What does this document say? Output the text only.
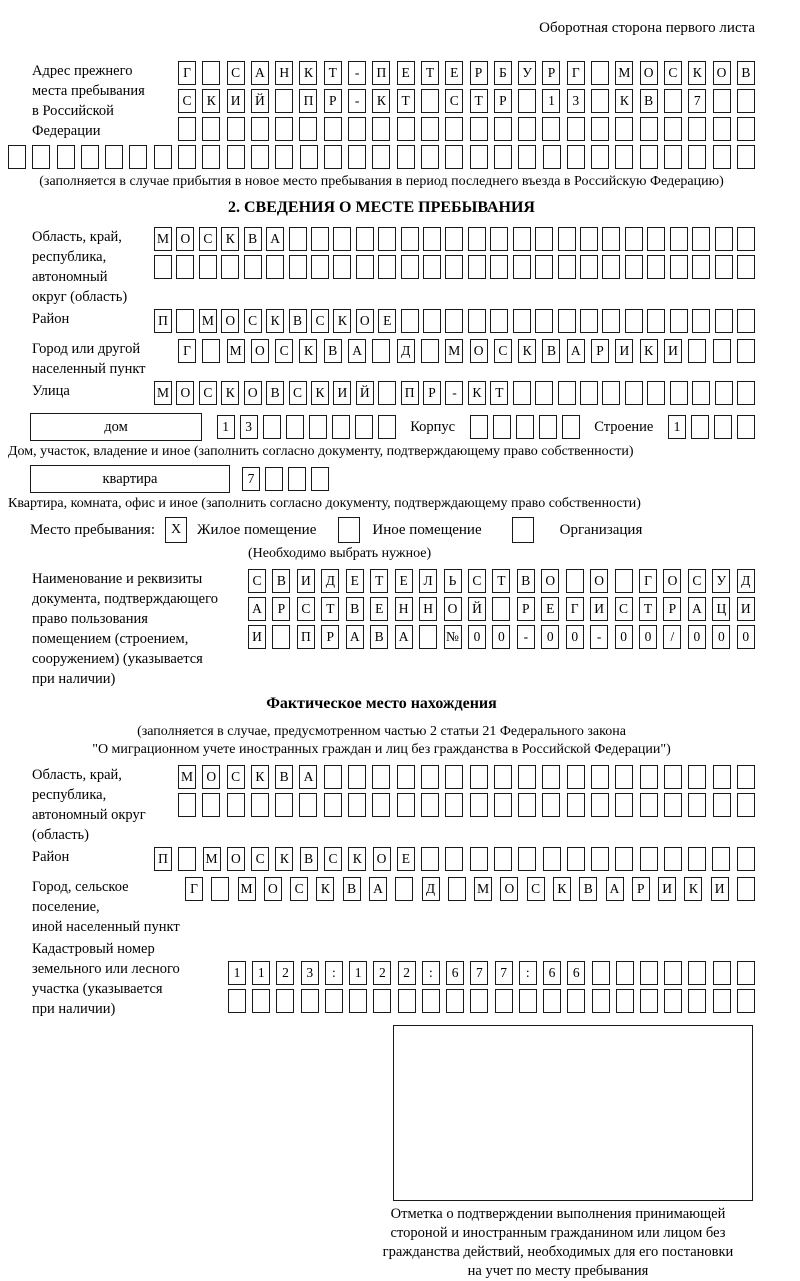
Оборотная сторона первого листа
Адрес прежнего
места пребывания
в Российской
Федерации
Г	С	А	Н	К	Т	-	П	Е	Т	Е	Р	Б	У	Р	Г	М О	С	К	О	В
С	К	И	Й	П	Р	-	К	Т	С	Т	Р	1	3	К	В	7
(заполняется в случае прибытия в новое место пребывания в период последнего въезда в Российскую Федерацию)
2. СВЕДЕНИЯ О МЕСТЕ ПРЕБЫВАНИЯ
Область, край,
республика,
автономный
округ (область)
М О С К В А
Район	П	М О С К В С К О Е
Город или другой
населенный пункт
Г	М О	С	К	В	А	Д	М О	С	К	В	А	Р	И	К	И
Улица	М О С К О В С К И Й	П	Р	-	К	Т
дом	1	3	Корпус	Строение	1
Дом, участок, владение и иное (заполнить согласно документу, подтверждающему право собственности)
квартира	7
Квартира, комната, офис и иное (заполнить согласно документу, подтверждающему право собственности)
Место пребывания:	X	Жилое помещение	Иное помещение	Организация
(Необходимо выбрать нужное)
Наименование и реквизиты
документа, подтверждающего
право пользования
помещением (строением,
сооружением) (указывается
при наличии)
С	В	И	Д	Е	Т	Е	Л	Ь	С	Т	В	О	О	Г	О	С	У	Д
А	Р	С	Т	В	Е	Н	Н	О	Й	Р	Е	Г	И	С	Т	Р	А	Ц	И
И	П	Р	А	В	А	№	0	0	-	0	0	-	0	0	/	0	0	0
Фактическое место нахождения
(заполняется в случае, предусмотренном частью 2 статьи 21 Федерального закона
"О миграционном учете иностранных граждан и лиц без гражданства в Российской Федерации")
Область, край,
республика,
автономный округ
(область)
М О	С	К	В	А
Район	П	М О	С	К	В	С	К	О	Е
Город, сельское поселение,
иной населенный пункт
Г	М	О	С	К	В	А	Д	М	О	С	К	В	А	Р	И	К	И
Кадастровый номер
земельного или лесного
участка (указывается
при наличии)
1	1	2	3	:	1	2	2	:	6	7	7	:	6	6
Отметка о подтверждении выполнения принимающей
стороной и иностранным гражданином или лицом без
гражданства действий, необходимых для его постановки
на учет по месту пребывания
